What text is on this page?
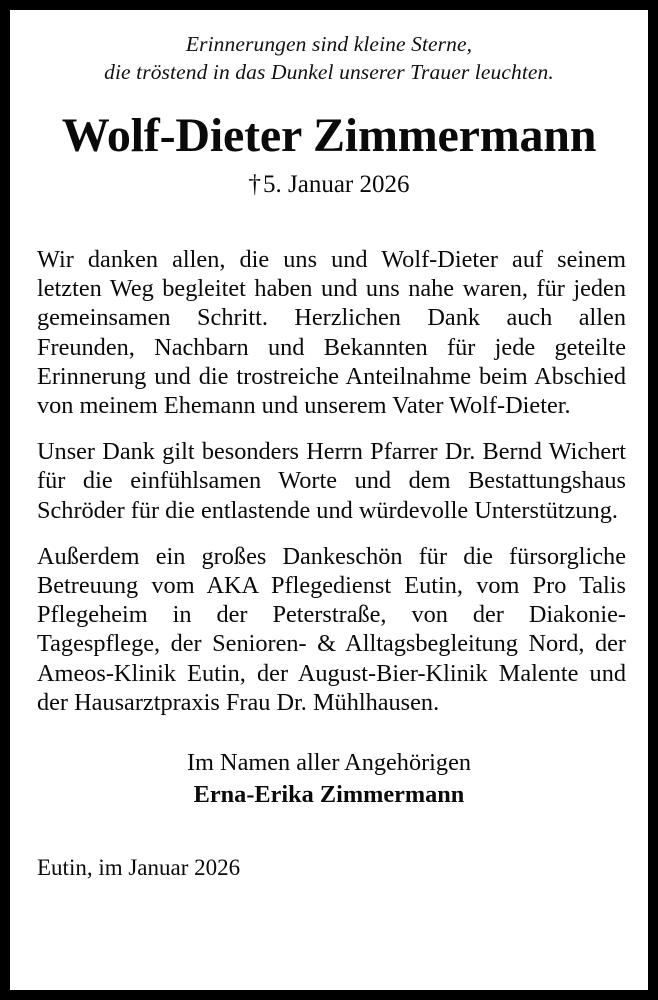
Erinnerungen sind kleine Sterne,
die tröstend in das Dunkel unserer Trauer leuchten.
Wolf-Dieter Zimmermann
†5. Januar 2026

Wir danken allen, die uns und Wolf-Dieter auf seinem letzten Weg begleitet haben und uns nahe waren, für jeden gemeinsamen Schritt. Herzlichen Dank auch allen Freunden, Nachbarn und Bekannten für jede geteilte Erinnerung und die trostreiche Anteilnahme beim Abschied von meinem Ehemann und unserem Vater Wolf-Dieter.

Unser Dank gilt besonders Herrn Pfarrer Dr. Bernd Wichert für die einfühlsamen Worte und dem Bestattungshaus Schröder für die entlastende und würdevolle Unterstützung.

Außerdem ein großes Dankeschön für die fürsorgliche Betreuung vom AKA Pflegedienst Eutin, vom Pro Talis Pflegeheim in der Peterstraße, von der Diakonie-Tagespflege, der Senioren- & Alltagsbegleitung Nord, der Ameos-Klinik Eutin, der August-Bier-Klinik Malente und der Hausarztpraxis Frau Dr. Mühlhausen.

Im Namen aller Angehörigen
Erna-Erika Zimmermann
Eutin, im Januar 2026
